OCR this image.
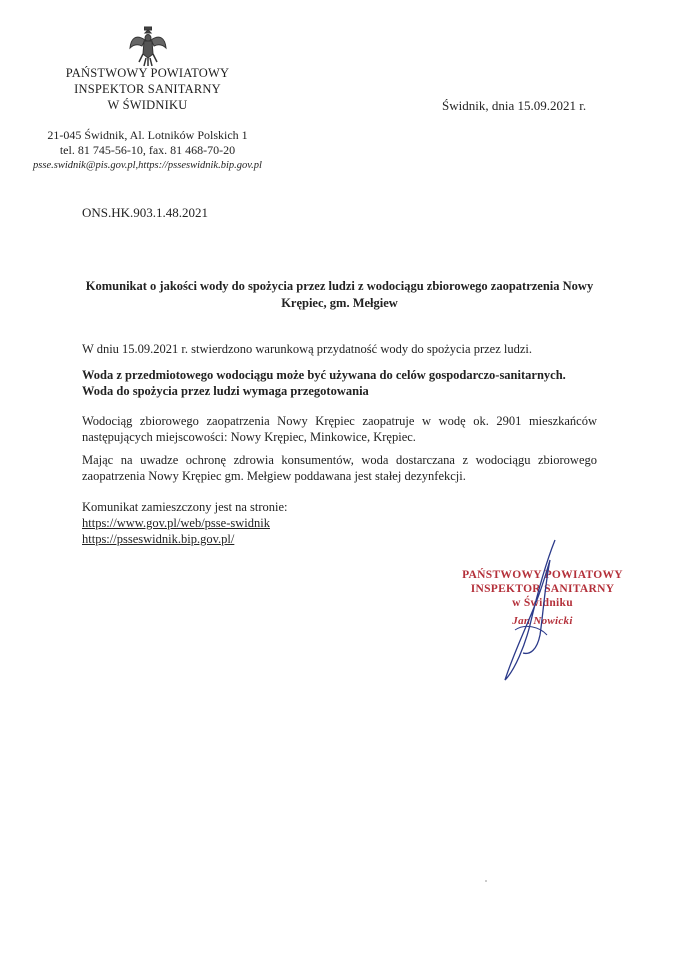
PAŃSTWOWY POWIATOWY
INSPEKTOR SANITARNY
W ŚWIDNIKU	Świdnik, dnia 15.09.2021 r.
21-045 Świdnik, Al. Lotników Polskich 1
tel. 81 745-56-10, fax. 81 468-70-20
psse.swidnik@pis.gov.pl,https://psseswidnik.bip.gov.pl
ONS.HK.903.1.48.2021
Komunikat o jakości wody do spożycia przez ludzi z wodociągu zbiorowego zaopatrzenia Nowy
Krępiec, gm. Mełgiew
W dniu 15.09.2021 r. stwierdzono warunkową przydatność wody do spożycia przez ludzi.
Woda z przedmiotowego wodociągu może być używana do celów gospodarczo-sanitarnych.
Woda do spożycia przez ludzi wymaga przegotowania
Wodociąg zbiorowego zaopatrzenia Nowy Krępiec zaopatruje w wodę ok. 2901 mieszkańców następujących miejscowości: Nowy Krępiec, Minkowice, Krępiec.
Mając na uwadze ochronę zdrowia konsumentów, woda dostarczana z wodociągu zbiorowego zaopatrzenia Nowy Krępiec gm. Mełgiew poddawana jest stałej dezynfekcji.
Komunikat zamieszczony jest na stronie:
https://www.gov.pl/web/psse-swidnik
https://psseswidnik.bip.gov.pl/
PAŃSTWOWY POWIATOWY
INSPEKTOR SANITARNY
w Świdniku
Jan Nowicki
